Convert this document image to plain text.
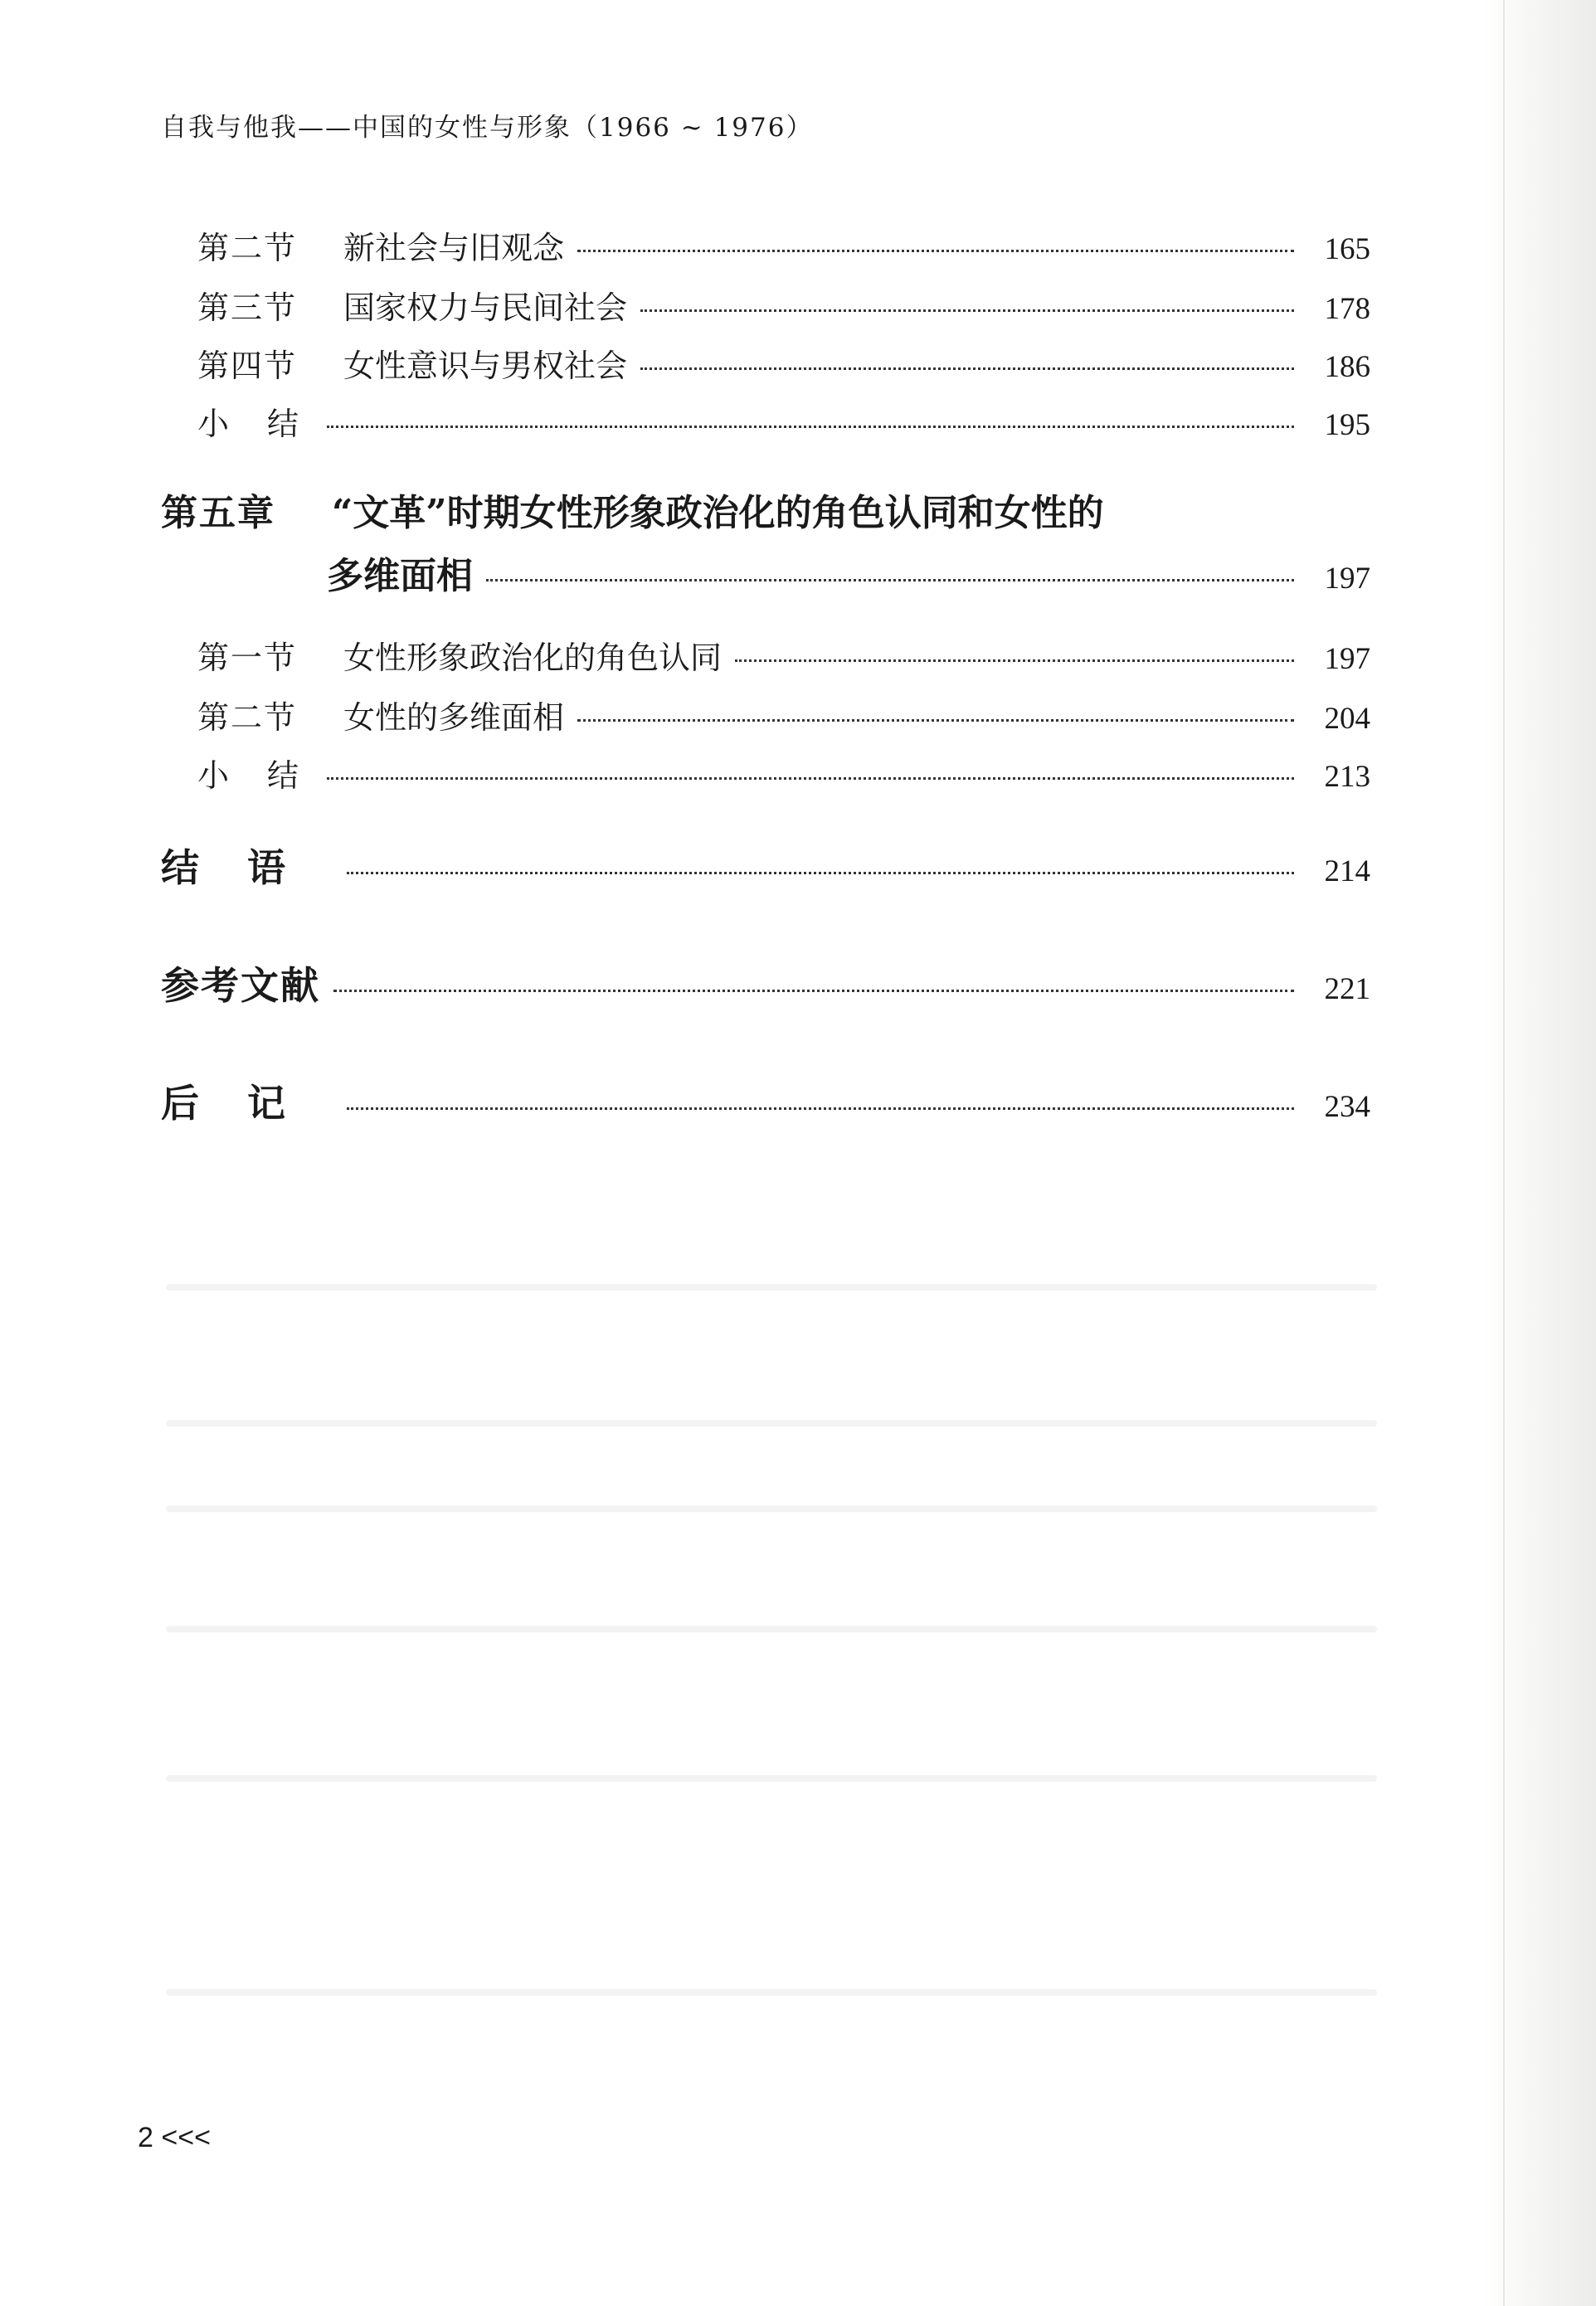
自我与他我——中国的女性与形象（1966 ~ 1976）
第二节	新社会与旧观念	165
第三节	国家权力与民间社会	178
第四节	女性意识与男权社会	186
小结	195
第五章	“文革”时期女性形象政治化的角色认同和女性的
多维面相	197
第一节	女性形象政治化的角色认同	197
第二节	女性的多维面相	204
小结	213
结语	214
参考文献	221
后记	234
2 <<<
